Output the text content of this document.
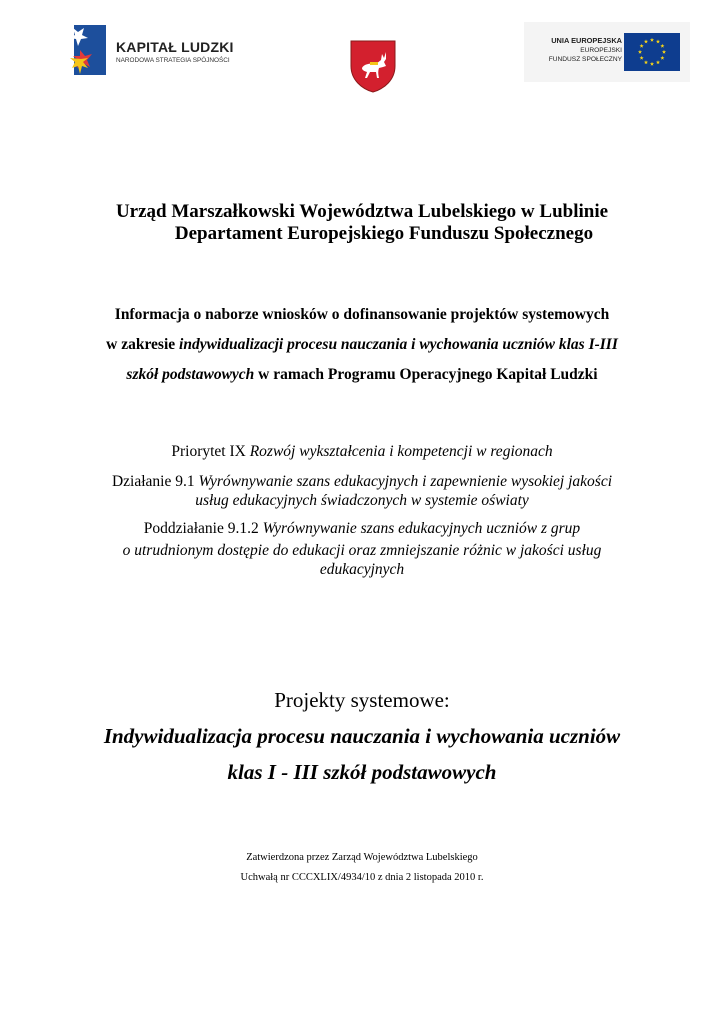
KAPITAŁ LUDZKI
NARODOWA STRATEGIA SPÓJNOŚCI
UNIA EUROPEJSKA
EUROPEJSKI
FUNDUSZ SPOŁECZNY
Urząd Marszałkowski Województwa Lubelskiego w Lublinie
Departament Europejskiego Funduszu Społecznego
Informacja o naborze wniosków o dofinansowanie projektów systemowych
w zakresie indywidualizacji procesu nauczania i wychowania uczniów klas I-III
szkół podstawowych w ramach Programu Operacyjnego Kapitał Ludzki
Priorytet IX Rozwój wykształcenia i kompetencji w regionach
Działanie 9.1 Wyrównywanie szans edukacyjnych i zapewnienie wysokiej jakości
usług edukacyjnych świadczonych w systemie oświaty
Poddziałanie 9.1.2 Wyrównywanie szans edukacyjnych uczniów z grup
o utrudnionym dostępie do edukacji oraz zmniejszanie różnic w jakości usług
edukacyjnych
Projekty systemowe:
Indywidualizacja procesu nauczania i wychowania uczniów
klas I - III szkół podstawowych
Zatwierdzona przez Zarząd Województwa Lubelskiego
Uchwałą nr CCCXLIX/4934/10 z dnia 2 listopada 2010 r.
